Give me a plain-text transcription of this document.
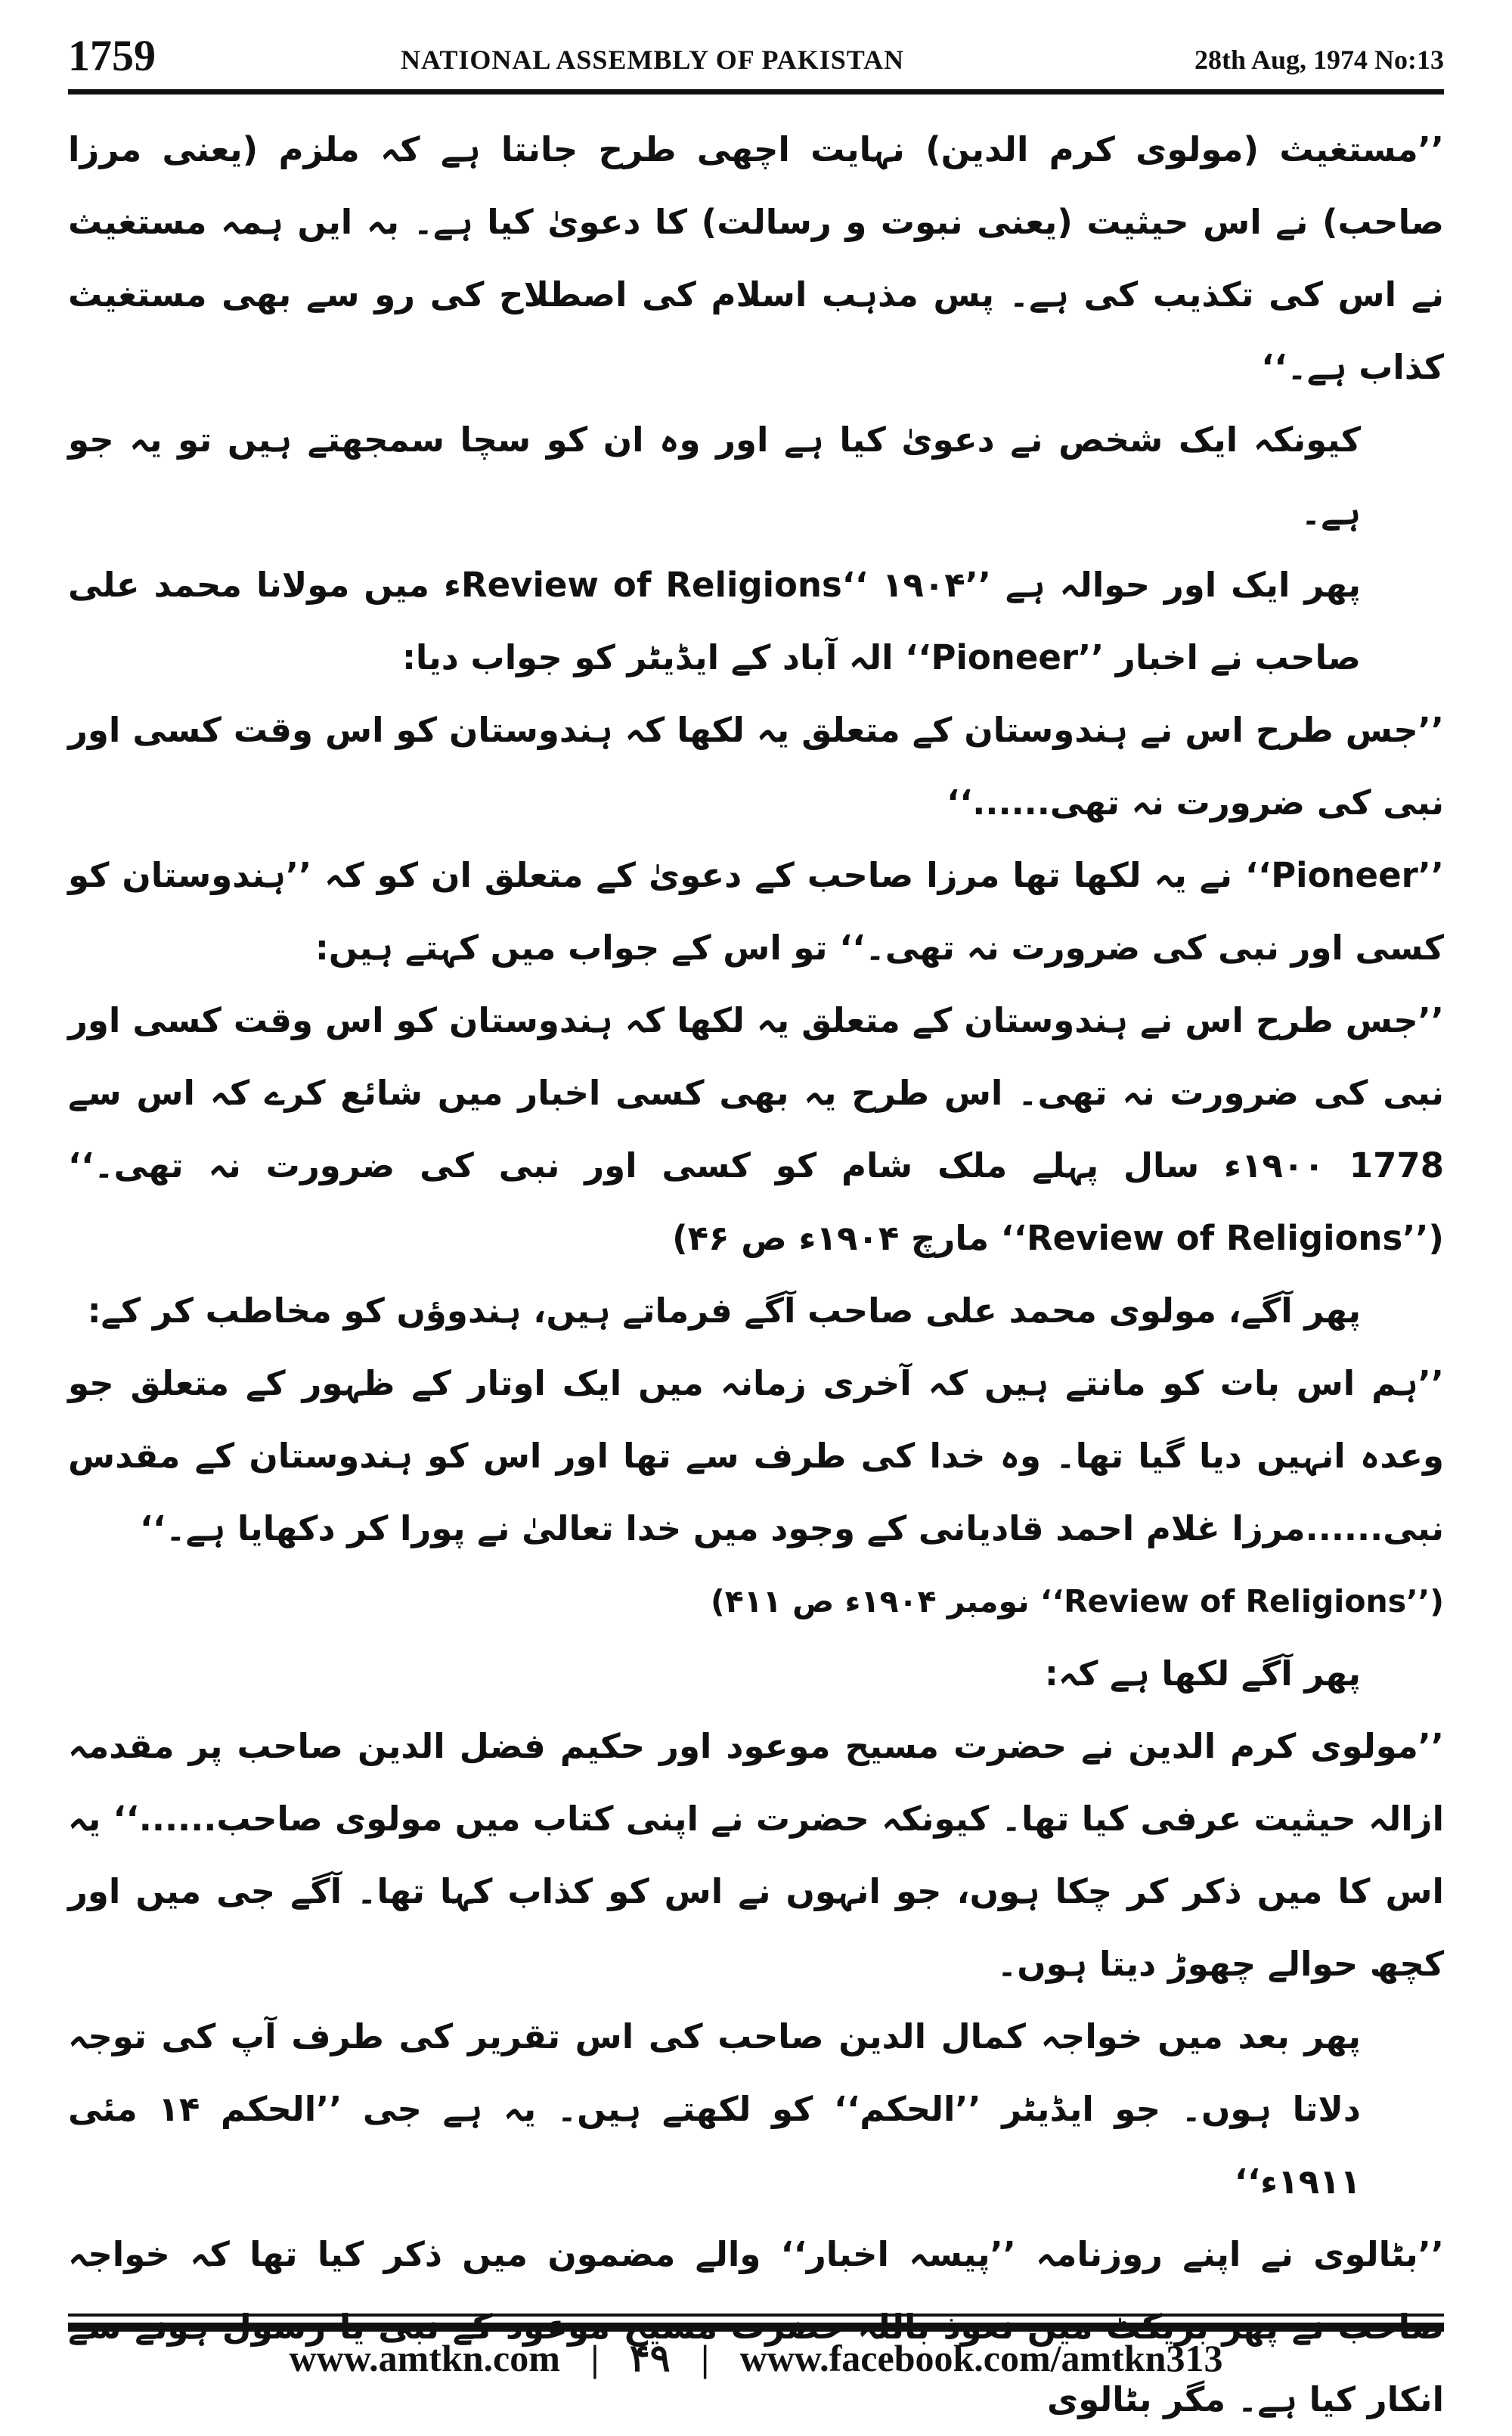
1759	NATIONAL ASSEMBLY OF PAKISTAN	28th Aug, 1974 No:13

’’مستغیث (مولوی کرم الدین) نہایت اچھی طرح جانتا ہے کہ ملزم (یعنی مرزا صاحب) نے اس حیثیت (یعنی نبوت و رسالت) کا دعویٰ کیا ہے۔ بہ ایں ہمہ مستغیث نے اس کی تکذیب کی ہے۔ پس مذہب اسلام کی اصطلاح کی رو سے بھی مستغیث کذاب ہے۔‘‘

کیونکہ ایک شخص نے دعویٰ کیا ہے اور وہ ان کو سچا سمجھتے ہیں تو یہ جو ہے۔

پھر ایک اور حوالہ ہے ’’Review of Religions‘‘ ۱۹۰۴ء میں مولانا محمد علی صاحب نے اخبار ’’Pioneer‘‘ الہ آباد کے ایڈیٹر کو جواب دیا:

’’جس طرح اس نے ہندوستان کے متعلق یہ لکھا کہ ہندوستان کو اس وقت کسی اور نبی کی ضرورت نہ تھی......‘‘

’’Pioneer‘‘ نے یہ لکھا تھا مرزا صاحب کے دعویٰ کے متعلق ان کو کہ ’’ہندوستان کو کسی اور نبی کی ضرورت نہ تھی۔‘‘ تو اس کے جواب میں کہتے ہیں:

’’جس طرح اس نے ہندوستان کے متعلق یہ لکھا کہ ہندوستان کو اس وقت کسی اور نبی کی ضرورت نہ تھی۔ اس طرح یہ بھی کسی اخبار میں شائع کرے کہ اس سے 1778 ۱۹۰۰ء سال پہلے ملک شام کو کسی اور نبی کی ضرورت نہ تھی۔‘‘ (’’Review of Religions‘‘ مارچ ۱۹۰۴ء ص ۴۶)

پھر آگے، مولوی محمد علی صاحب آگے فرماتے ہیں، ہندوؤں کو مخاطب کر کے:

’’ہم اس بات کو مانتے ہیں کہ آخری زمانہ میں ایک اوتار کے ظہور کے متعلق جو وعدہ انہیں دیا گیا تھا۔ وہ خدا کی طرف سے تھا اور اس کو ہندوستان کے مقدس نبی......مرزا غلام احمد قادیانی کے وجود میں خدا تعالیٰ نے پورا کر دکھایا ہے۔‘‘

(’’Review of Religions‘‘ نومبر ۱۹۰۴ء ص ۴۱۱)

پھر آگے لکھا ہے کہ:

’’مولوی کرم الدین نے حضرت مسیح موعود اور حکیم فضل الدین صاحب پر مقدمہ ازالہ حیثیت عرفی کیا تھا۔ کیونکہ حضرت نے اپنی کتاب میں مولوی صاحب......‘‘ یہ اس کا میں ذکر کر چکا ہوں، جو انہوں نے اس کو کذاب کہا تھا۔ آگے جی میں اور کچھ حوالے چھوڑ دیتا ہوں۔

پھر بعد میں خواجہ کمال الدین صاحب کی اس تقریر کی طرف آپ کی توجہ دلاتا ہوں۔ جو ایڈیٹر ’’الحکم‘‘ کو لکھتے ہیں۔ یہ ہے جی ’’الحکم ۱۴ مئی ۱۹۱۱ء‘‘

’’بٹالوی نے اپنے روزنامہ ’’پیسہ اخبار‘‘ والے مضمون میں ذکر کیا تھا کہ خواجہ صاحب نے پھر بریکٹ میں نعوذ باللہ حضرت مسیح موعود کے نبی یا رسول ہونے سے انکار کیا ہے۔ مگر بٹالوی

www.amtkn.com | ۴۹ | www.facebook.com/amtkn313
